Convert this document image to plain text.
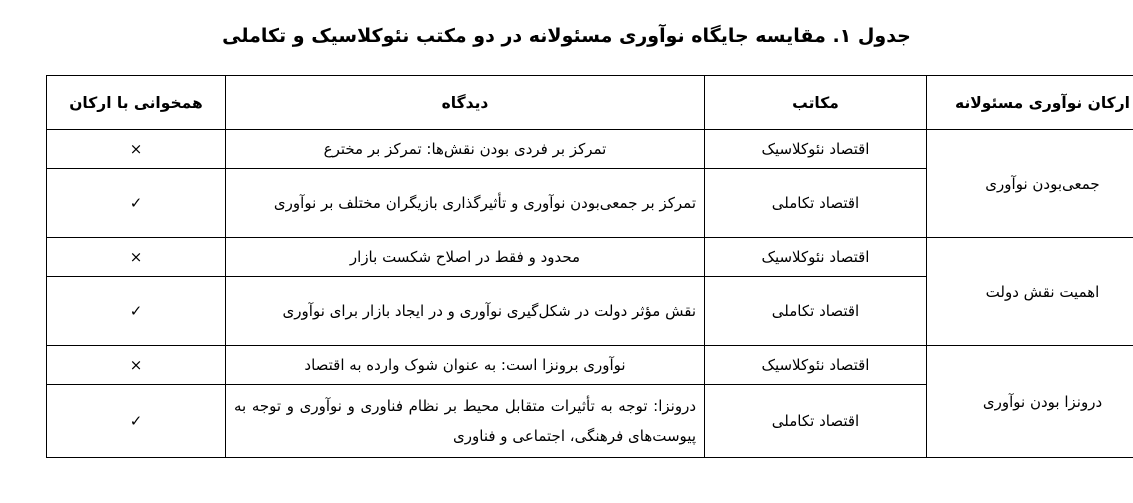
جدول ۱. مقایسه جایگاه نوآوری مسئولانه در دو مکتب نئوکلاسیک و تکاملی
ارکان نوآوری مسئولانه	مکاتب	دیدگاه	همخوانی با ارکان
جمعی‌بودن نوآوری	اقتصاد نئوکلاسیک	تمرکز بر فردی بودن نقش‌ها: تمرکز بر مخترع	×
	اقتصاد تکاملی	تمرکز بر جمعی‌بودن نوآوری و تأثیرگذاری بازیگران مختلف بر نوآوری	✓
اهمیت نقش دولت	اقتصاد نئوکلاسیک	محدود و فقط در اصلاح شکست بازار	×
	اقتصاد تکاملی	نقش مؤثر دولت در شکل‌گیری نوآوری و در ایجاد بازار برای نوآوری	✓
درونزا بودن نوآوری	اقتصاد نئوکلاسیک	نوآوری برونزا است: به عنوان شوک وارده به اقتصاد	×
	اقتصاد تکاملی	درونزا: توجه به تأثیرات متقابل محیط بر نظام فناوری و نوآوری و توجه به پیوست‌های فرهنگی، اجتماعی و فناوری	✓
